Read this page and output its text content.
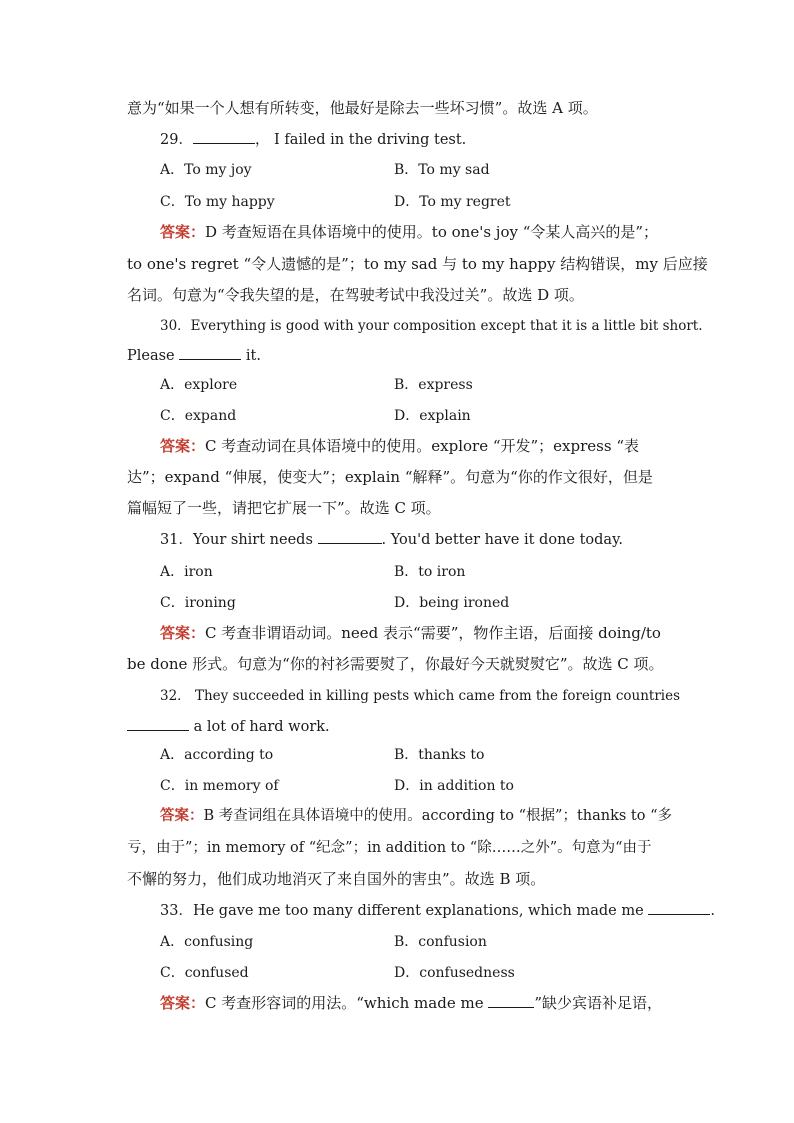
意为“如果一个人想有所转变，他最好是除去一些坏习惯”。故选 A 项。
29．	， I failed in the driving test.
A．To my joy	B．To my sad
C．To my happy	D．To my regret
答案：D 考查短语在具体语境中的使用。to one's joy “令某人高兴的是”；
to one's regret “令人遗憾的是”；to my sad 与 to my happy 结构错误，my 后应接
名词。句意为“令我失望的是，在驾驶考试中我没过关”。故选 D 项。
30．Everything is good with your composition except that it is a little bit short.
Please	it.
A．explore	B．express
C．expand	D．explain
答案：C 考查动词在具体语境中的使用。explore “开发”；express “表
达”；expand “伸展，使变大”；explain “解释”。句意为“你的作文很好，但是
篇幅短了一些，请把它扩展一下”。故选 C 项。
31．Your shirt needs	. You'd better have it done today.
A．iron	B．to iron
C．ironing	D．being ironed
答案：C 考查非谓语动词。need 表示“需要”，物作主语，后面接 doing/to
be done 形式。句意为“你的衬衫需要熨了，你最好今天就熨熨它”。故选 C 项。
32． They succeeded in killing pests which came from the foreign countries
a lot of hard work.
A．according to	B．thanks to
C．in memory of	D．in addition to
答案：B 考查词组在具体语境中的使用。according to “根据”；thanks to “多
亏，由于”；in memory of “纪念”；in addition to “除……之外”。句意为“由于
不懈的努力，他们成功地消灭了来自国外的害虫”。故选 B 项。
33．He gave me too many different explanations, which made me	.
A．confusing	B．confusion
C．confused	D．confusedness
答案：C 考查形容词的用法。“which made me	”缺少宾语补足语，
